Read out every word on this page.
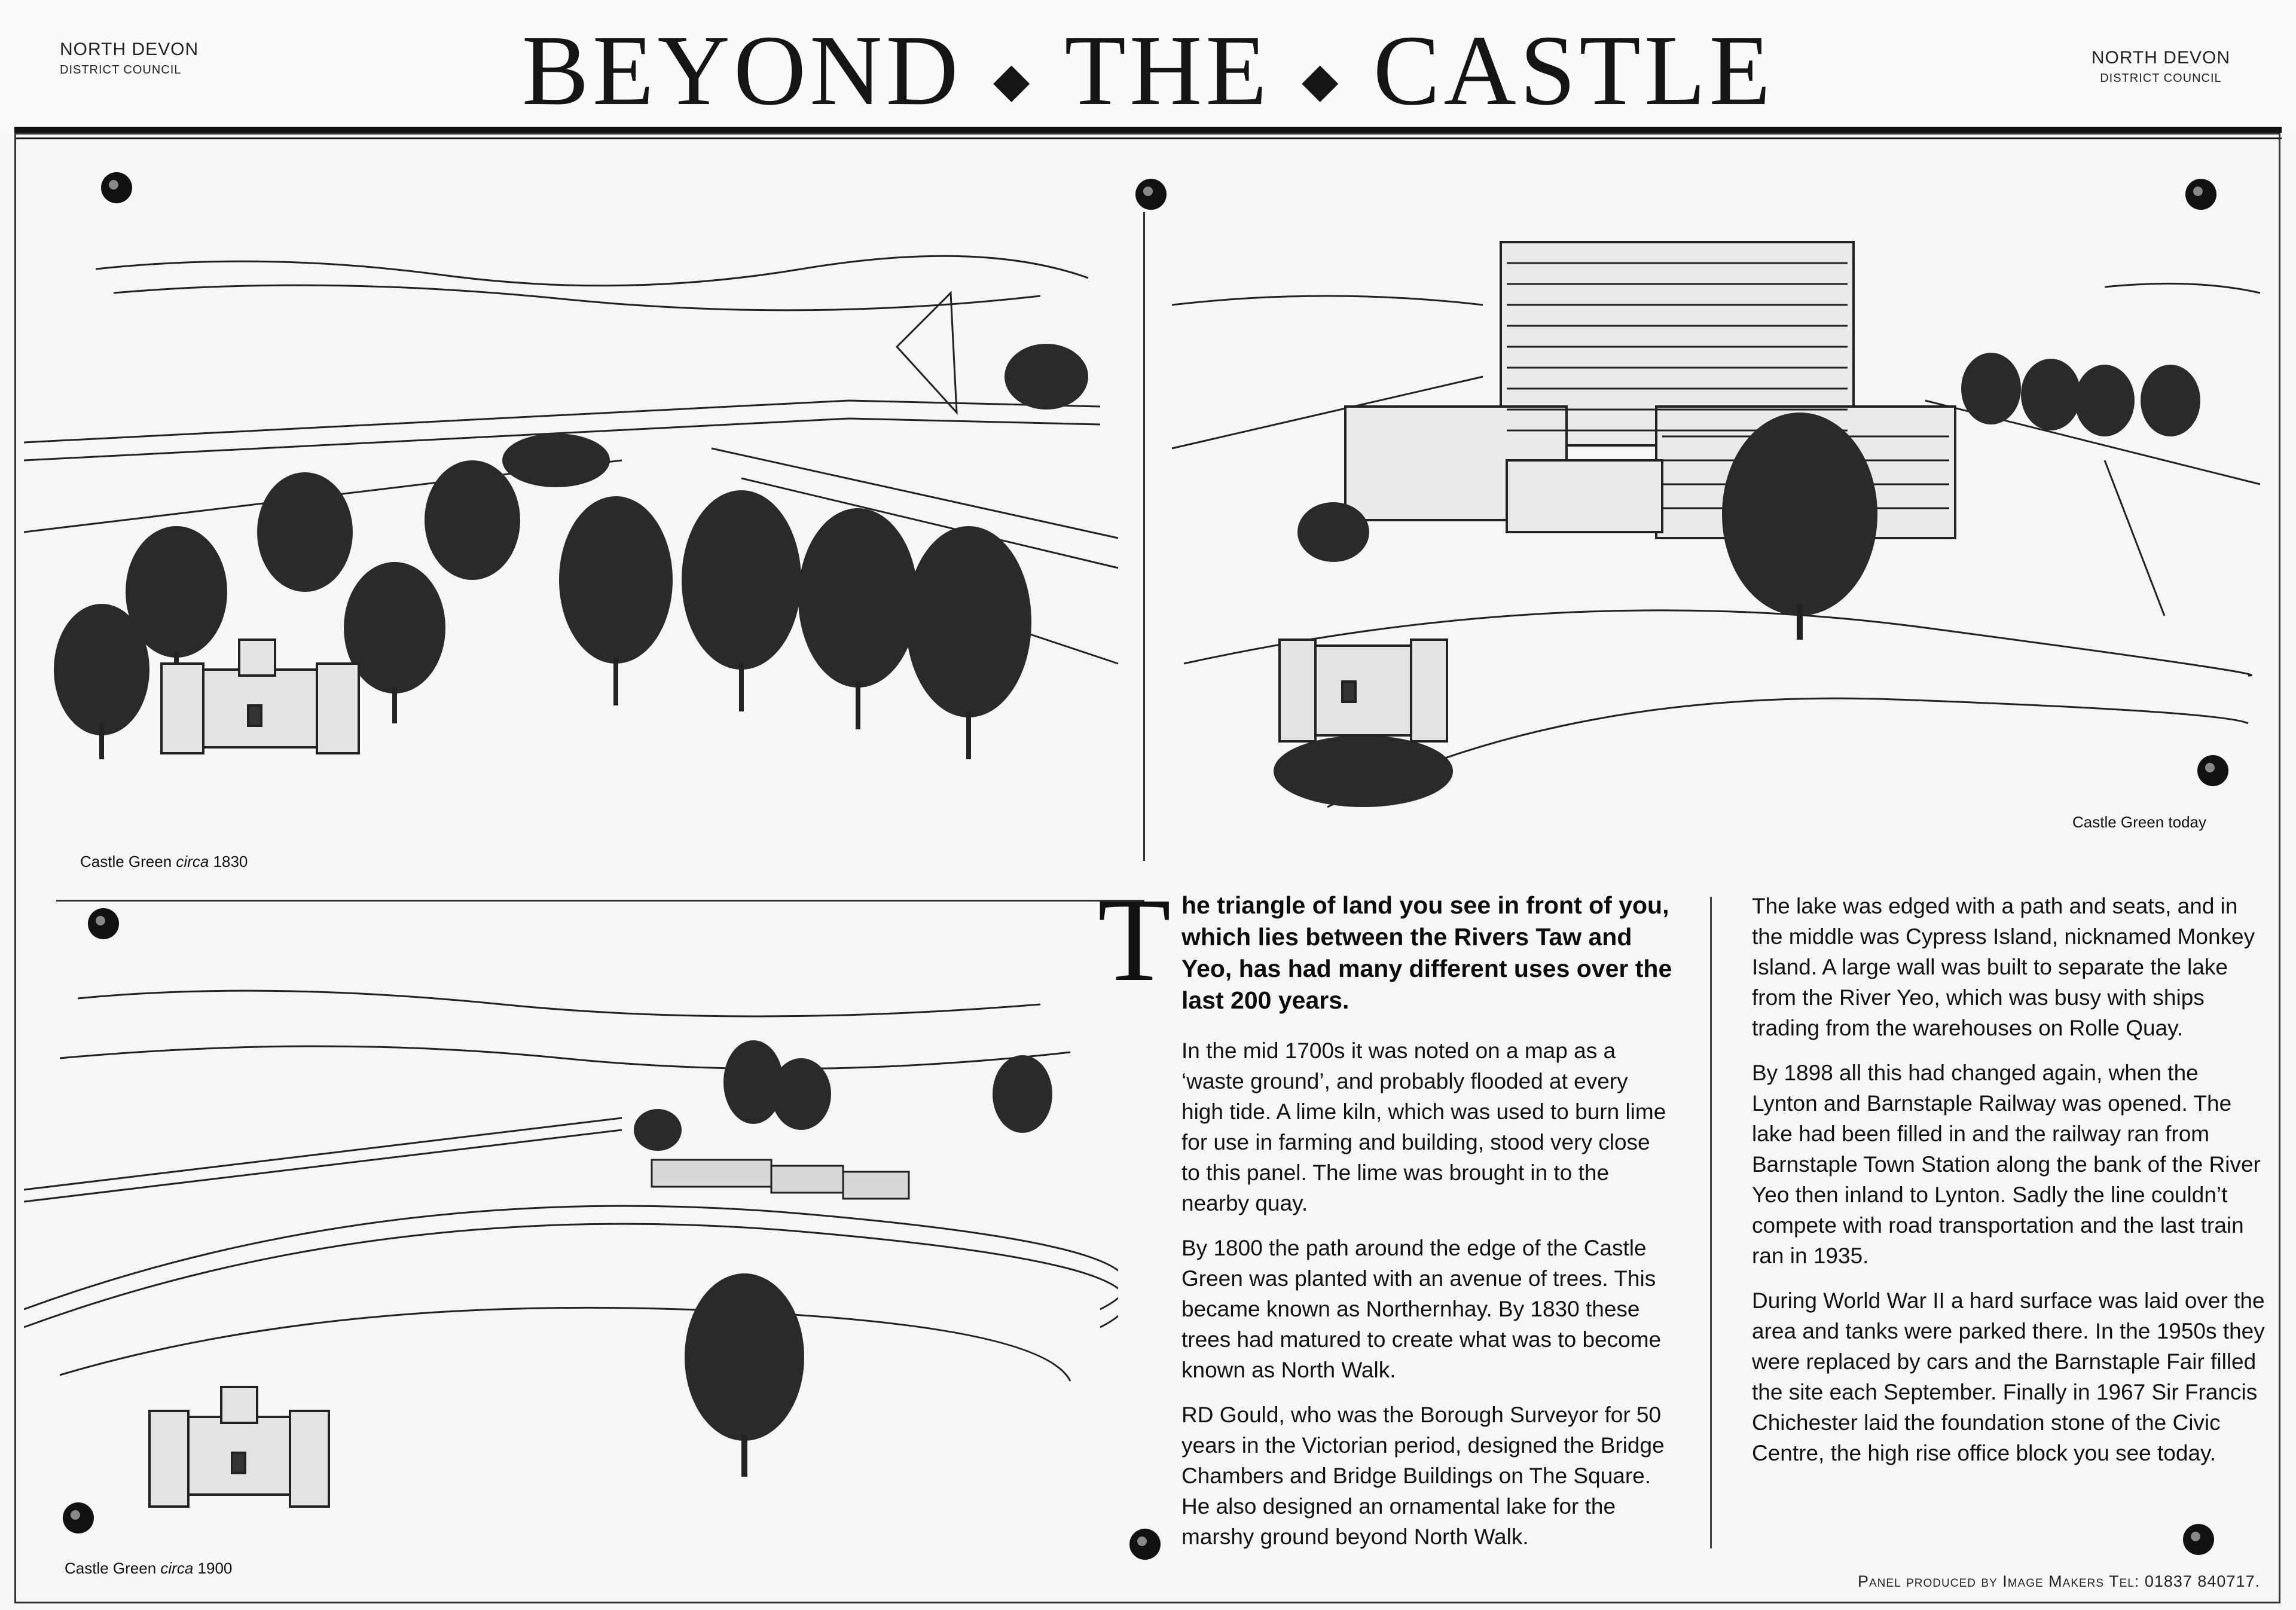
NORTH DEVON
DISTRICT COUNCIL	BEYOND ◆ THE ◆ CASTLE	NORTH DEVON
DISTRICT COUNCIL
Castle Green circa 1830
Castle Green today
Castle Green circa 1900
T he triangle of land you see in front of you, which lies between the Rivers Taw and Yeo, has had many different uses over the last 200 years.

In the mid 1700s it was noted on a map as a ‘waste ground’, and probably flooded at every high tide. A lime kiln, which was used to burn lime for use in farming and building, stood very close to this panel. The lime was brought in to the nearby quay.

By 1800 the path around the edge of the Castle Green was planted with an avenue of trees. This became known as Northernhay. By 1830 these trees had matured to create what was to become known as North Walk.

RD Gould, who was the Borough Surveyor for 50 years in the Victorian period, designed the Bridge Chambers and Bridge Buildings on The Square. He also designed an ornamental lake for the marshy ground beyond North Walk.

The lake was edged with a path and seats, and in the middle was Cypress Island, nicknamed Monkey Island. A large wall was built to separate the lake from the River Yeo, which was busy with ships trading from the warehouses on Rolle Quay.

By 1898 all this had changed again, when the Lynton and Barnstaple Railway was opened. The lake had been filled in and the railway ran from Barnstaple Town Station along the bank of the River Yeo then inland to Lynton. Sadly the line couldn’t compete with road transportation and the last train ran in 1935.

During World War II a hard surface was laid over the area and tanks were parked there. In the 1950s they were replaced by cars and the Barnstaple Fair filled the site each September. Finally in 1967 Sir Francis Chichester laid the foundation stone of the Civic Centre, the high rise office block you see today.

Panel produced by Image Makers Tel: 01837 840717.
